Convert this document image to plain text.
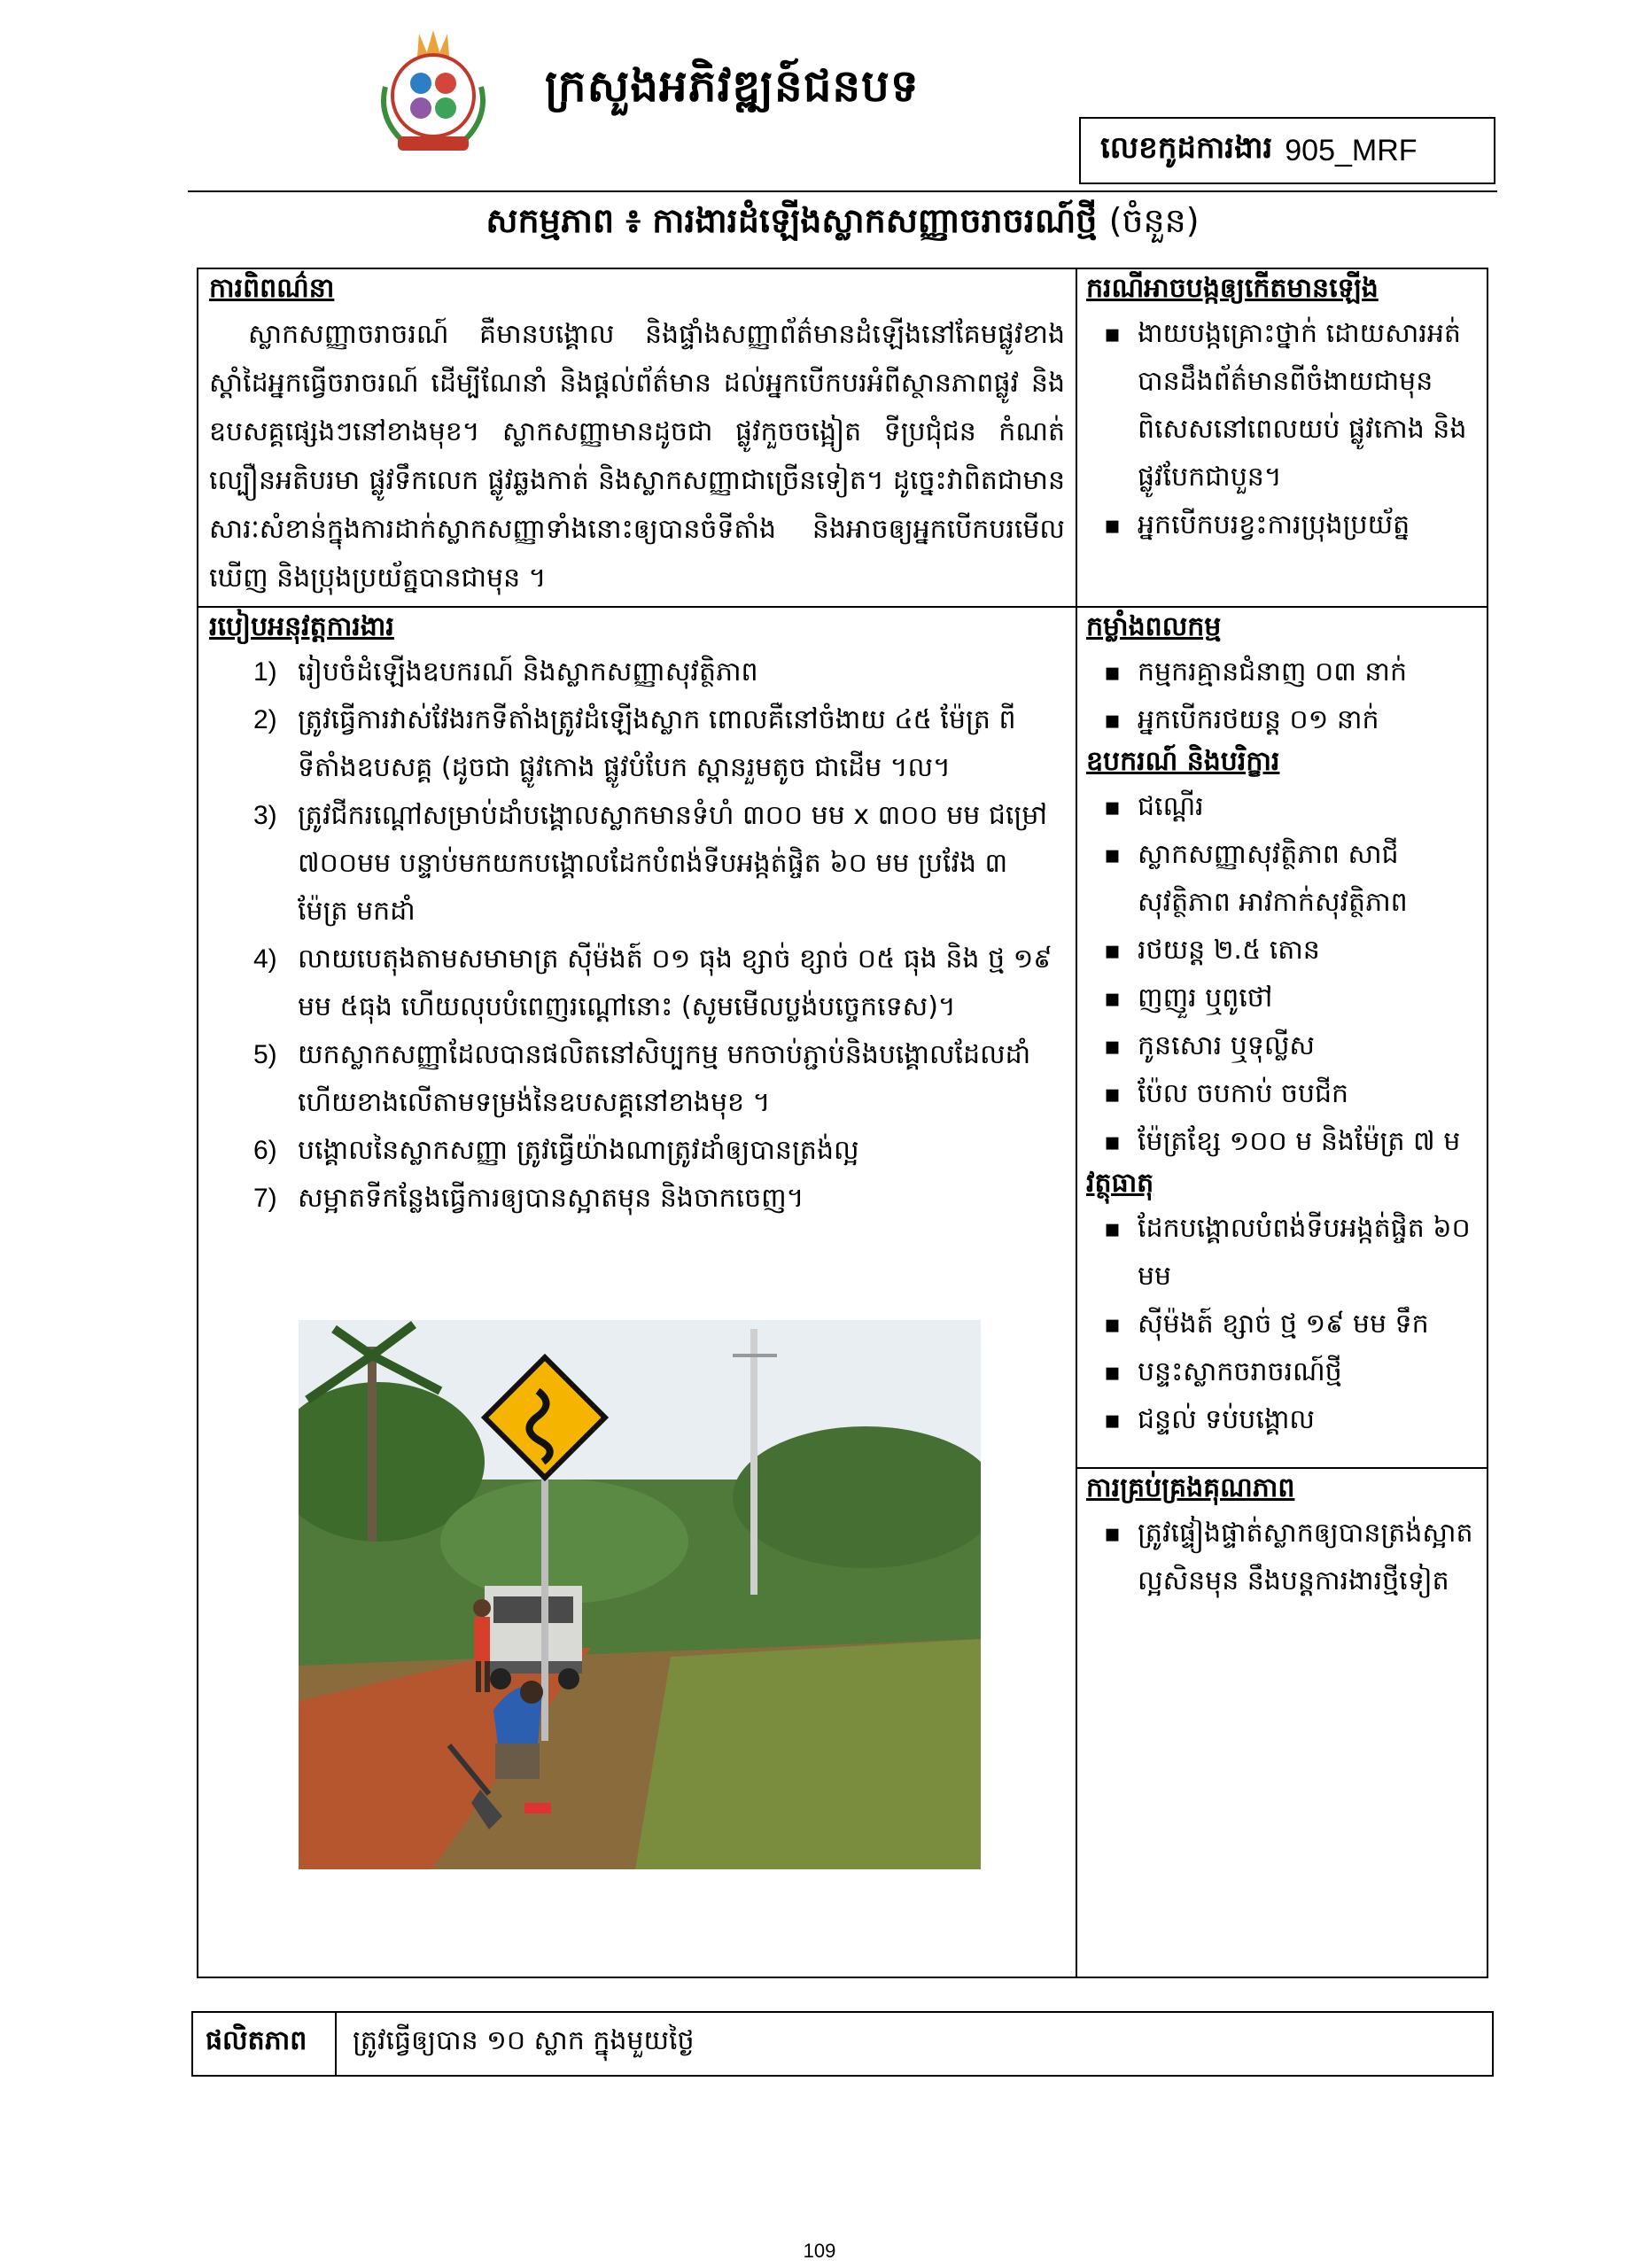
ក្រសួងអភិវឌ្ឍន៍ជនបទ
លេខកូដការងារ 905_MRF
សកម្មភាព ៖ ការងារដំឡើងស្លាកសញ្ញាចរាចរណ៍ថ្មី (ចំនួន)
ការពិពណ៌នា
ស្លាកសញ្ញាចរាចរណ៍ គឺមានបង្គោល និងផ្ទាំងសញ្ញាព័ត៌មានដំឡើងនៅគែមផ្លូវខាងស្តាំដៃអ្នកធ្វើចរាចរណ៍ ដើម្បីណែនាំ និងផ្តល់ព័ត៌មាន ដល់អ្នកបើកបរអំពីស្ថានភាពផ្លូវ និងឧបសគ្គផ្សេងៗនៅខាងមុខ។ ស្លាកសញ្ញាមានដូចជា ផ្លូវកួចចង្អៀត ទីប្រជុំជន កំណត់ល្បឿនអតិបរមា ផ្លូវទឹកលេក ផ្លូវឆ្លងកាត់ និងស្លាកសញ្ញាជាច្រើនទៀត។ ដូច្នេះវាពិតជាមានសារៈសំខាន់ក្នុងការដាក់ស្លាកសញ្ញាទាំងនោះឲ្យបានចំទីតាំង និងអាចឲ្យអ្នកបើកបរមើលឃើញ និងប្រុងប្រយ័ត្នបានជាមុន ។
ករណីអាចបង្កឲ្យកើតមានឡើង
▪ ងាយបង្កគ្រោះថ្នាក់ ដោយសារអត់បានដឹងព័ត៌មានពីចំងាយជាមុន ពិសេសនៅពេលយប់ ផ្លូវកោង និងផ្លូវបែកជាបួន។
▪ អ្នកបើកបរខ្វះការប្រុងប្រយ័ត្ន
របៀបអនុវត្តការងារ
1) រៀបចំដំឡើងឧបករណ៍ និងស្លាកសញ្ញាសុវត្ថិភាព
2) ត្រូវធ្វើការវាស់វែងរកទីតាំងត្រូវដំឡើងស្លាក ពោលគឺនៅចំងាយ ៤៥ ម៉ែត្រ ពីទីតាំងឧបសគ្គ (ដូចជា ផ្លូវកោង ផ្លូវបំបែក ស្ពានរួមតូច ជាដើម ។ល។
3) ត្រូវជីករណ្តៅសម្រាប់ដាំបង្គោលស្លាកមានទំហំ ៣០០ មម x ៣០០ មម ជម្រៅ ៧០០មម បន្ទាប់មកយកបង្គោលដែកបំពង់ទីបអង្កត់ផ្ចិត ៦០ មម ប្រវែង ៣ ម៉ែត្រ មកដាំ
4) លាយបេតុងតាមសមាមាត្រ ស៊ីម៉ងត៍ ០១ ធុង ខ្សាច់ ខ្សាច់ ០៥ ធុង និង ថ្ម ១៩ មម ៥ធុង ហើយលុបបំពេញរណ្តៅនោះ (សូមមើលប្លង់បច្ចេកទេស)។
5) យកស្លាកសញ្ញាដែលបានផលិតនៅសិប្បកម្ម មកចាប់ភ្ជាប់និងបង្គោលដែលដាំហើយខាងលើតាមទម្រង់នៃឧបសគ្គនៅខាងមុខ ។
6) បង្គោលនៃស្លាកសញ្ញា ត្រូវធ្វើយ៉ាងណាត្រូវដាំឲ្យបានត្រង់ល្អ
7) សម្អាតទីកន្លែងធ្វើការឲ្យបានស្អាតមុន និងចាកចេញ។
កម្លាំងពលកម្ម
▪ កម្មករគ្មានជំនាញ ០៣ នាក់
▪ អ្នកបើករថយន្ត ០១ នាក់
ឧបករណ៍ និងបរិក្ខារ
▪ ជណ្តើរ
▪ ស្លាកសញ្ញាសុវត្ថិភាព សាជីសុវត្ថិភាព អាវកាក់សុវត្ថិភាព
▪ រថយន្ត ២.៥ តោន
▪ ញញួរ ឬពូថៅ
▪ កូនសោរ ឬទុល្លីស
▪ ប៉ែល ចបកាប់ ចបជីក
▪ ម៉ែត្រខ្សែ ១០០ ម និងម៉ែត្រ ៧ ម
វត្ថុធាតុ
▪ ដែកបង្គោលបំពង់ទីបអង្កត់ផ្ចិត ៦០ មម
▪ ស៊ីម៉ងត៍ ខ្សាច់ ថ្ម ១៩ មម ទឹក
▪ បន្ទះស្លាកចរាចរណ៍ថ្មី
▪ ជន្ទល់ ទប់បង្គោល
ការគ្រប់គ្រងគុណភាព
▪ ត្រូវផ្ទៀងផ្ទាត់ស្លាកឲ្យបានត្រង់ស្អាតល្អសិនមុន នឹងបន្តការងារថ្មីទៀត
ផលិតភាព ត្រូវធ្វើឲ្យបាន ១០ ស្លាក ក្នុងមួយថ្ងៃ
109
